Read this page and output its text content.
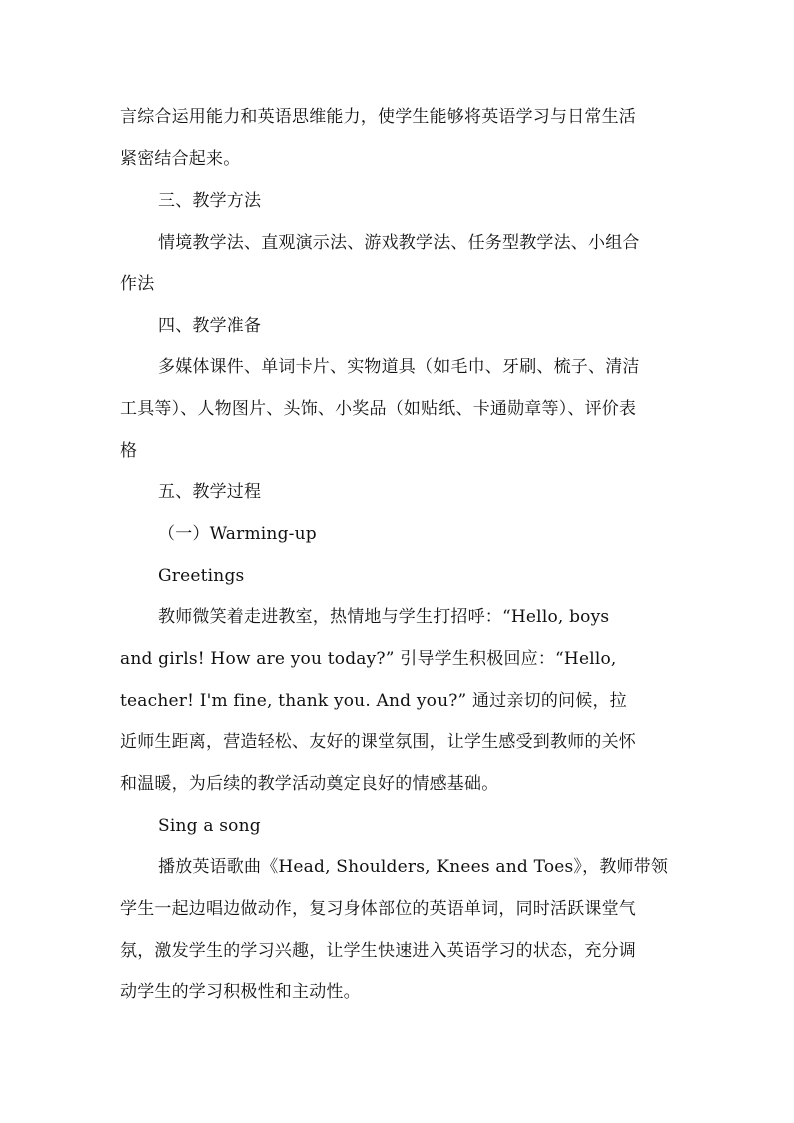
言综合运用能力和英语思维能力，使学生能够将英语学习与日常生活
紧密结合起来。
三、教学方法
情境教学法、直观演示法、游戏教学法、任务型教学法、小组合
作法
四、教学准备
多媒体课件、单词卡片、实物道具（如毛巾、牙刷、梳子、清洁
工具等）、人物图片、头饰、小奖品（如贴纸、卡通勋章等）、评价表
格
五、教学过程
（一）Warming-up
Greetings
教师微笑着走进教室，热情地与学生打招呼：“Hello, boys
and girls! How are you today?” 引导学生积极回应：“Hello,
teacher! I'm fine, thank you. And you?” 通过亲切的问候，拉
近师生距离，营造轻松、友好的课堂氛围，让学生感受到教师的关怀
和温暖，为后续的教学活动奠定良好的情感基础。
Sing a song
播放英语歌曲《Head, Shoulders, Knees and Toes》，教师带领
学生一起边唱边做动作，复习身体部位的英语单词，同时活跃课堂气
氛，激发学生的学习兴趣，让学生快速进入英语学习的状态，充分调
动学生的学习积极性和主动性。
